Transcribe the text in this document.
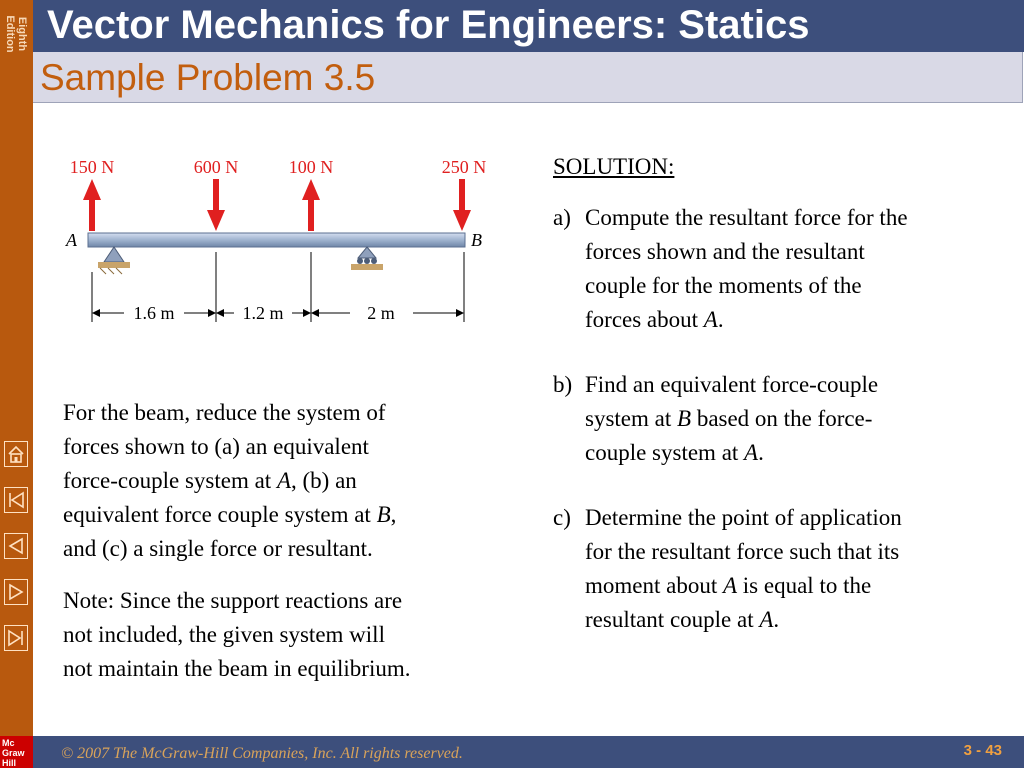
Eighth
Edition
Mc
Graw
Hill
Vector Mechanics for Engineers: Statics
Sample Problem 3.5
150 N	600 N	100 N	250 N
A	B
1.6 m	1.2 m	2 m
For the beam, reduce the system of
forces shown to (a) an equivalent
force-couple system at A, (b) an
equivalent force couple system at B,
and (c) a single force or resultant.
Note: Since the support reactions are
not included, the given system will
not maintain the beam in equilibrium.
SOLUTION:
a) Compute the resultant force for the
forces shown and the resultant
couple for the moments of the
forces about A.
b) Find an equivalent force-couple
system at B based on the force-
couple system at A.
c) Determine the point of application
for the resultant force such that its
moment about A is equal to the
resultant couple at A.
© 2007 The McGraw-Hill Companies, Inc. All rights reserved.	3 - 43
